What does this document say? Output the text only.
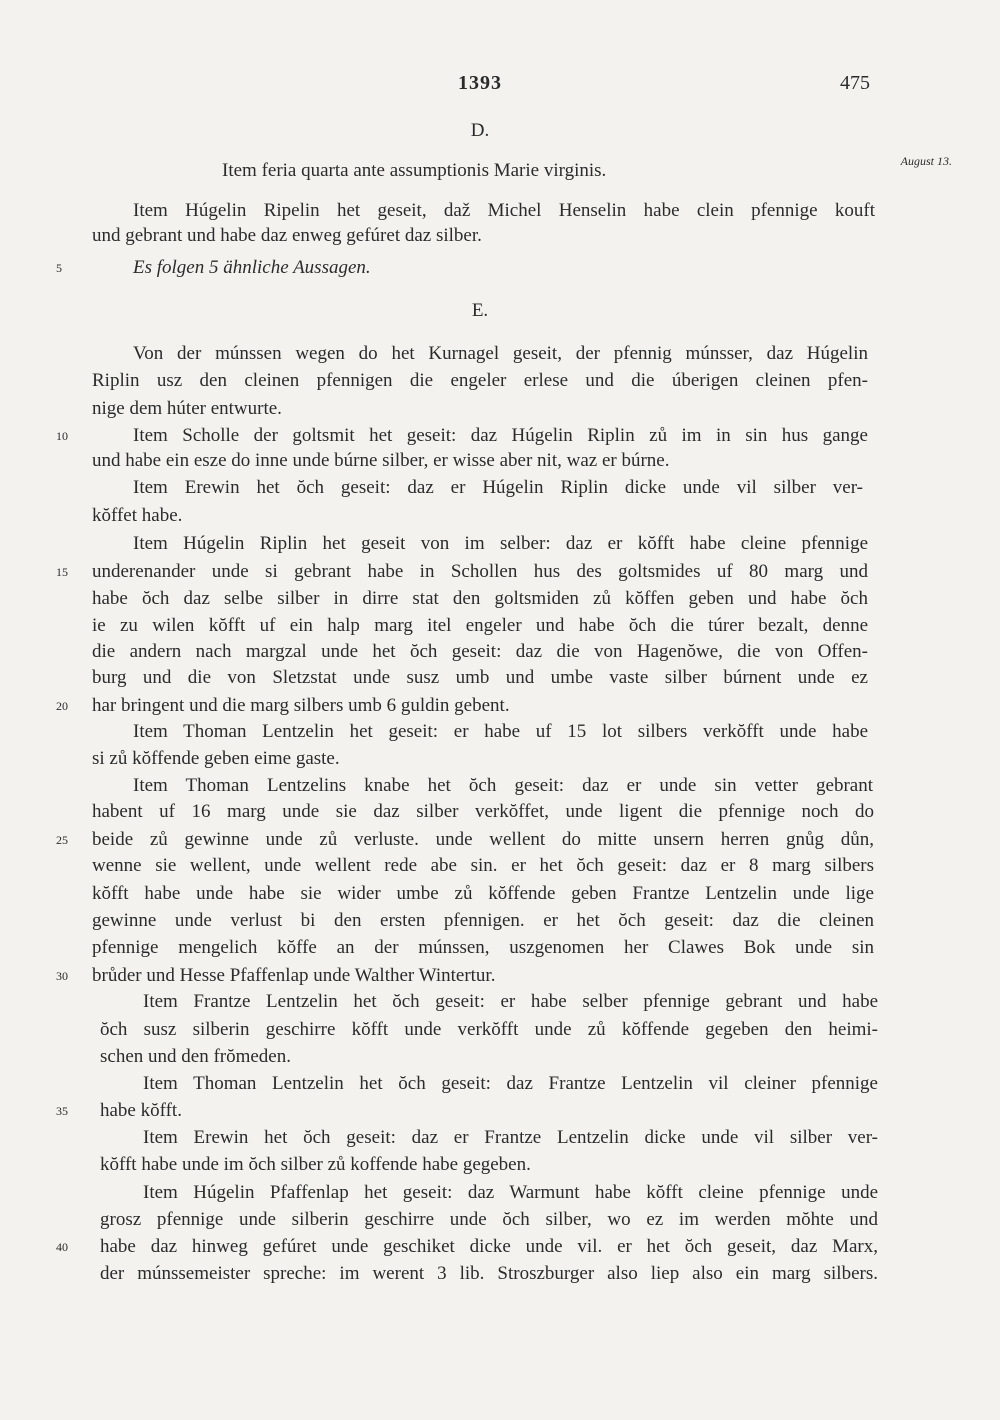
1393	475
August 13.
D.
E.
Item feria quarta ante assumptionis Marie virginis.
Item Húgelin Ripelin het geseit, daž Michel Henselin habe clein pfennige kouft
und gebrant und habe daz enweg gefúret daz silber.
5	Es folgen 5 ähnliche Aussagen.
Von der múnssen wegen do het Kurnagel geseit, der pfennig múnsser, daz Húgelin
Riplin usz den cleinen pfennigen die engeler erlese und die úberigen cleinen pfen-
nige dem húter entwurte.
10	Item Scholle der goltsmit het geseit: daz Húgelin Riplin zů im in sin hus gange
und habe ein esze do inne unde búrne silber, er wisse aber nit, waz er búrne.
Item Erewin het ŏch geseit: daz er Húgelin Riplin dicke unde vil silber ver-
kŏffet habe.
Item Húgelin Riplin het geseit von im selber: daz er kŏfft habe cleine pfennige
15	underenander unde si gebrant habe in Schollen hus des goltsmides uf 80 marg und
habe ŏch daz selbe silber in dirre stat den goltsmiden zů kŏffen geben und habe ŏch
ie zu wilen kŏfft uf ein halp marg itel engeler und habe ŏch die túrer bezalt, denne
die andern nach margzal unde het ŏch geseit: daz die von Hagenŏwe, die von Offen-
burg und die von Sletzstat unde susz umb und umbe vaste silber búrnent unde ez
20	har bringent und die marg silbers umb 6 guldin gebent.
Item Thoman Lentzelin het geseit: er habe uf 15 lot silbers verkŏfft unde habe
si zů kŏffende geben eime gaste.
Item Thoman Lentzelins knabe het ŏch geseit: daz er unde sin vetter gebrant
habent uf 16 marg unde sie daz silber verkŏffet, unde ligent die pfennige noch do
25	beide zů gewinne unde zů verluste. unde wellent do mitte unsern herren gnůg důn,
wenne sie wellent, unde wellent rede abe sin. er het ŏch geseit: daz er 8 marg silbers
kŏfft habe unde habe sie wider umbe zů kŏffende geben Frantze Lentzelin unde lige
gewinne unde verlust bi den ersten pfennigen. er het ŏch geseit: daz die cleinen
pfennige mengelich kŏffe an der múnssen, uszgenomen her Clawes Bok unde sin
30	brůder und Hesse Pfaffenlap unde Walther Wintertur.
Item Frantze Lentzelin het ŏch geseit: er habe selber pfennige gebrant und habe
ŏch susz silberin geschirre kŏfft unde verkŏfft unde zů kŏffende gegeben den heimi-
schen und den frŏmeden.
Item Thoman Lentzelin het ŏch geseit: daz Frantze Lentzelin vil cleiner pfennige
35	habe kŏfft.
Item Erewin het ŏch geseit: daz er Frantze Lentzelin dicke unde vil silber ver-
kŏfft habe unde im ŏch silber zů koffende habe gegeben.
Item Húgelin Pfaffenlap het geseit: daz Warmunt habe kŏfft cleine pfennige unde
grosz pfennige unde silberin geschirre unde ŏch silber, wo ez im werden mŏhte und
40	habe daz hinweg gefúret unde geschiket dicke unde vil. er het ŏch geseit, daz Marx,
der múnssemeister spreche: im werent 3 lib. Stroszburger also liep also ein marg silbers.
